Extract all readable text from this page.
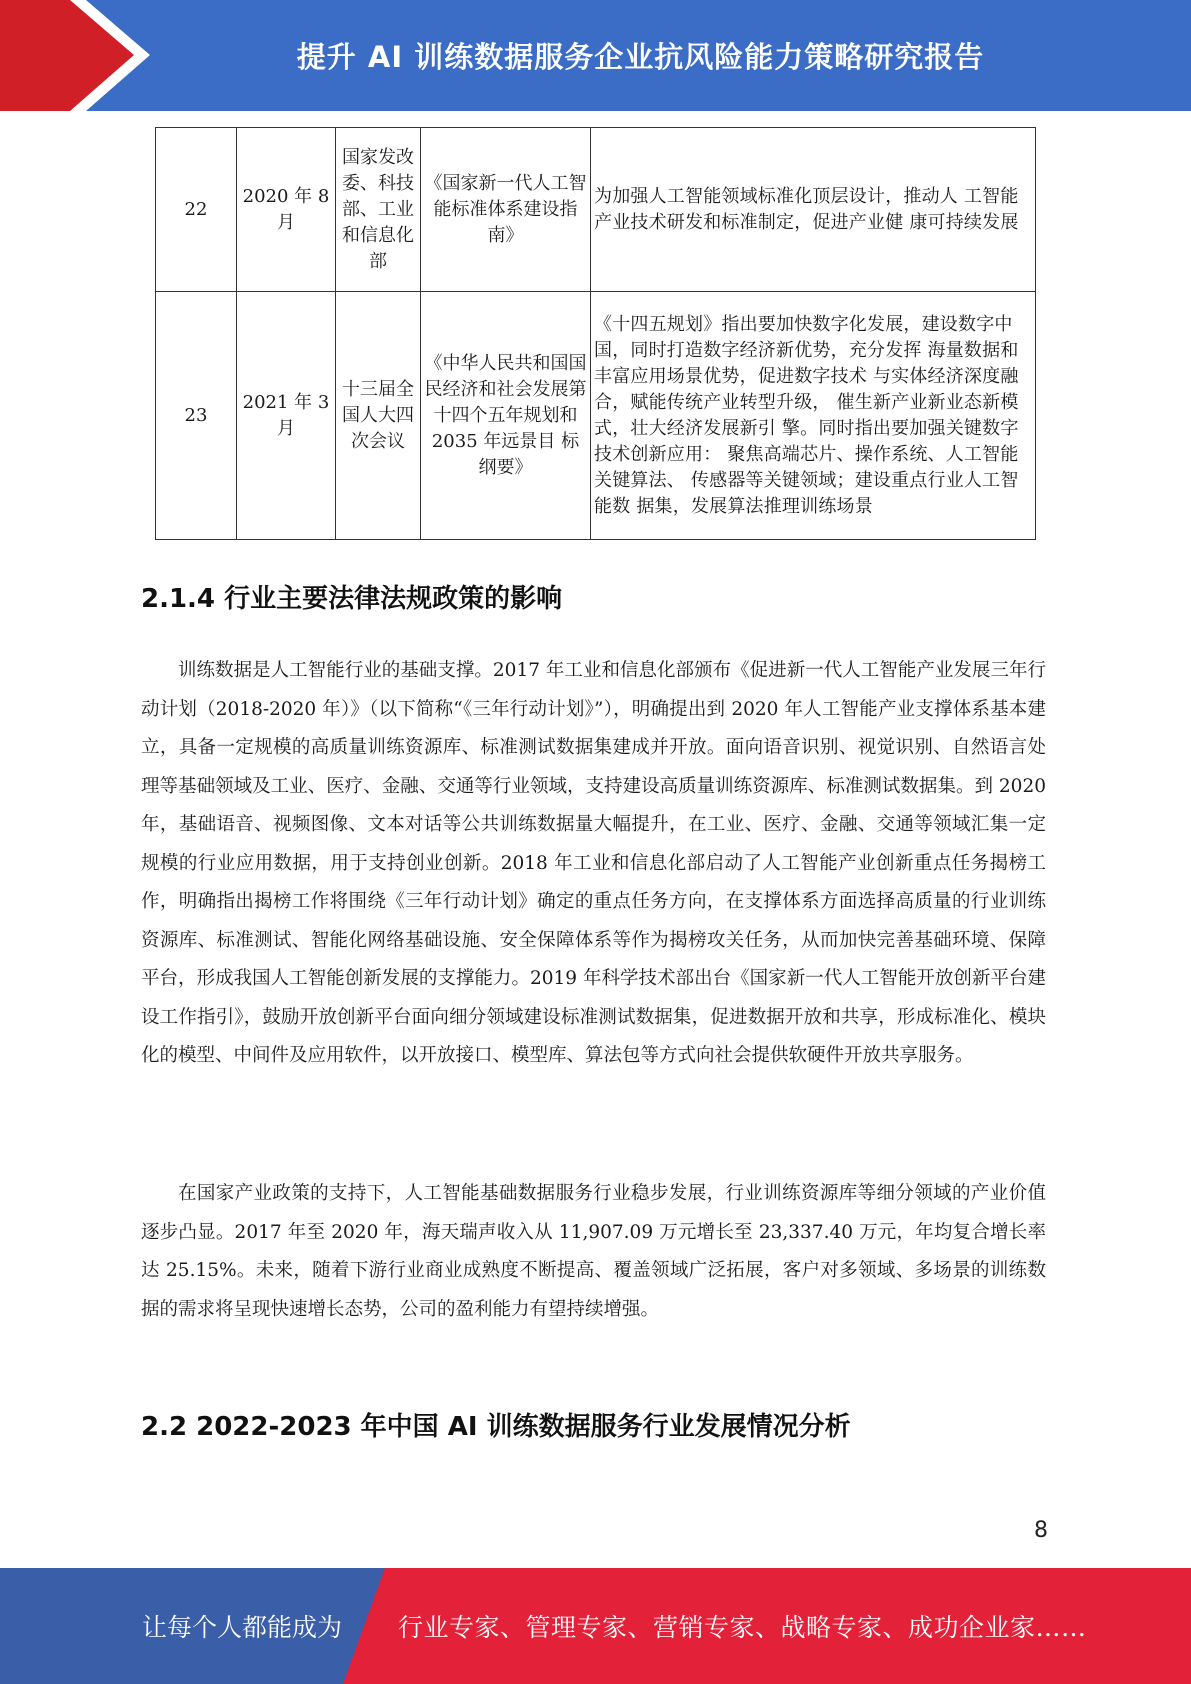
提升 AI 训练数据服务企业抗风险能力策略研究报告
22	2020 年 8 月	国家发改委、科技部、工业和信息化部	《国家新一代人工智能标准体系建设指南》	为加强人工智能领域标准化顶层设计，推动人 工智能产业技术研发和标准制定，促进产业健 康可持续发展
23	2021 年 3 月	十三届全国人大四次会议	《中华人民共和国国民经济和社会发展第十四个五年规划和 2035 年远景目 标纲要》	《十四五规划》指出要加快数字化发展，建设数字中国，同时打造数字经济新优势，充分发挥 海量数据和丰富应用场景优势，促进数字技术 与实体经济深度融合，赋能传统产业转型升级， 催生新产业新业态新模式，壮大经济发展新引 擎。同时指出要加强关键数字技术创新应用： 聚焦高端芯片、操作系统、人工智能关键算法、 传感器等关键领域；建设重点行业人工智能数 据集，发展算法推理训练场景
2.1.4 行业主要法律法规政策的影响

训练数据是人工智能行业的基础支撑。2017 年工业和信息化部颁布《促进新一代人工智能产业发展三年行动计划（2018-2020 年）》（以下简称“《三年行动计划》”），明确提出到 2020 年人工智能产业支撑体系基本建立，具备一定规模的高质量训练资源库、标准测试数据集建成并开放。面向语音识别、视觉识别、自然语言处理等基础领域及工业、医疗、金融、交通等行业领域，支持建设高质量训练资源库、标准测试数据集。到 2020 年，基础语音、视频图像、文本对话等公共训练数据量大幅提升，在工业、医疗、金融、交通等领域汇集一定规模的行业应用数据，用于支持创业创新。2018 年工业和信息化部启动了人工智能产业创新重点任务揭榜工作，明确指出揭榜工作将围绕《三年行动计划》确定的重点任务方向，在支撑体系方面选择高质量的行业训练资源库、标准测试、智能化网络基础设施、安全保障体系等作为揭榜攻关任务，从而加快完善基础环境、保障平台，形成我国人工智能创新发展的支撑能力。2019 年科学技术部出台《国家新一代人工智能开放创新平台建设工作指引》，鼓励开放创新平台面向细分领域建设标准测试数据集，促进数据开放和共享，形成标准化、模块化的模型、中间件及应用软件，以开放接口、模型库、算法包等方式向社会提供软硬件开放共享服务。

在国家产业政策的支持下，人工智能基础数据服务行业稳步发展，行业训练资源库等细分领域的产业价值逐步凸显。2017 年至 2020 年，海天瑞声收入从 11,907.09 万元增长至 23,337.40 万元，年均复合增长率达 25.15%。未来，随着下游行业商业成熟度不断提高、覆盖领域广泛拓展，客户对多领域、多场景的训练数据的需求将呈现快速增长态势，公司的盈利能力有望持续增强。

2.2 2022-2023 年中国 AI 训练数据服务行业发展情况分析
8
让每个人都能成为 行业专家、管理专家、营销专家、战略专家、成功企业家……
